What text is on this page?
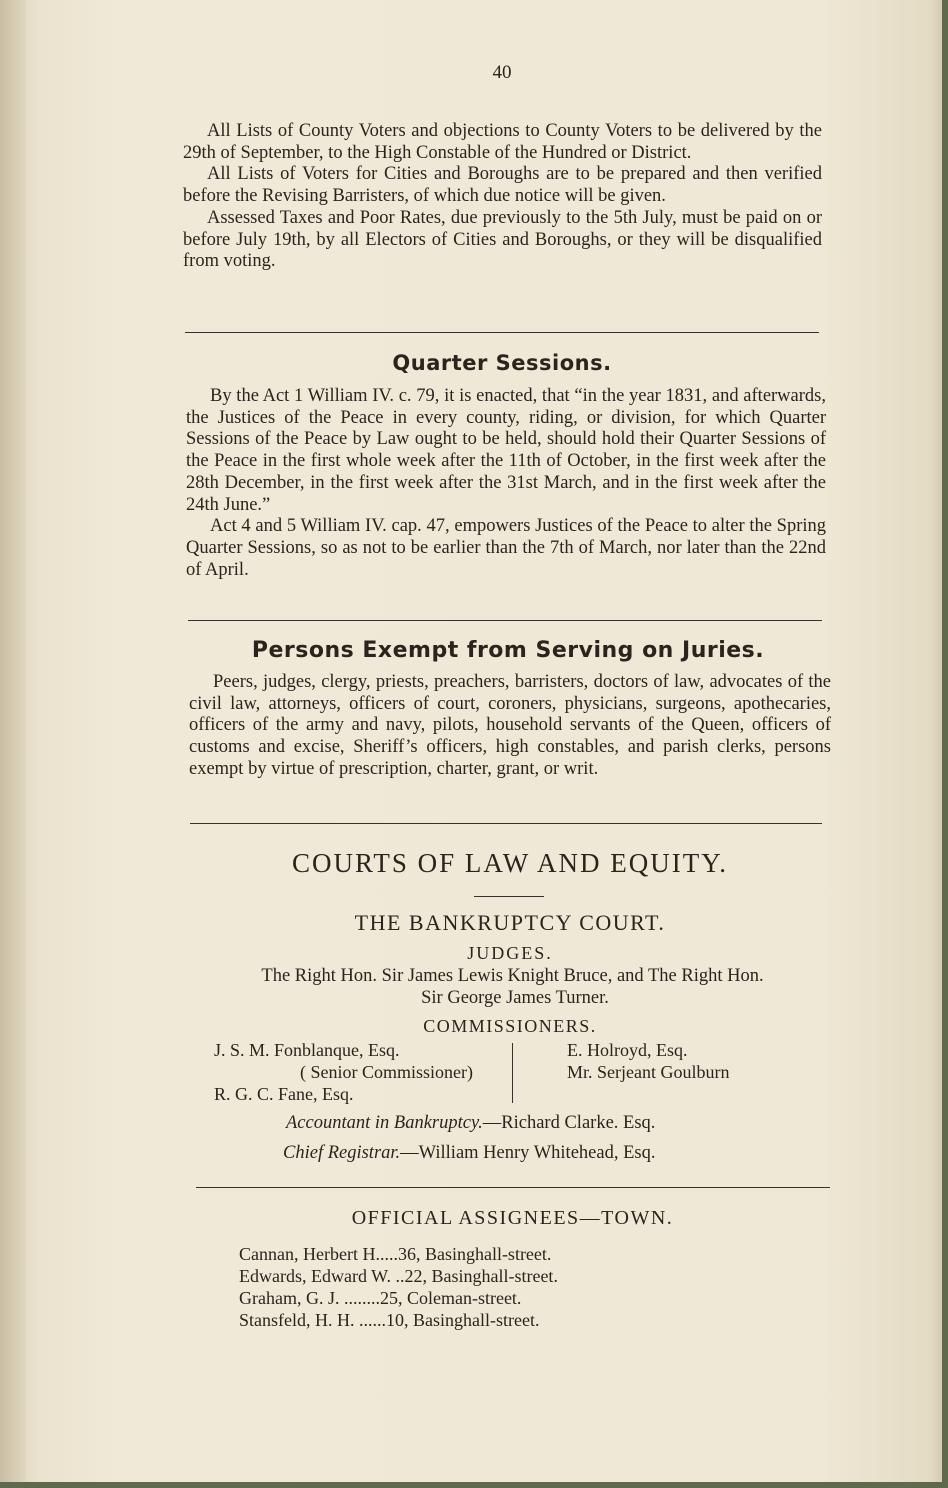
40
All Lists of County Voters and objections to County Voters to be delivered by the 29th of September, to the High Constable of the Hundred or District.
All Lists of Voters for Cities and Boroughs are to be prepared and then verified before the Revising Barristers, of which due notice will be given.
Assessed Taxes and Poor Rates, due previously to the 5th July, must be paid on or before July 19th, by all Electors of Cities and Boroughs, or they will be disqualified from voting.
Quarter Sessions.
By the Act 1 William IV. c. 79, it is enacted, that “in the year 1831, and afterwards, the Justices of the Peace in every county, riding, or division, for which Quarter Sessions of the Peace by Law ought to be held, should hold their Quarter Sessions of the Peace in the first whole week after the 11th of October, in the first week after the 28th December, in the first week after the 31st March, and in the first week after the 24th June.”
Act 4 and 5 William IV. cap. 47, empowers Justices of the Peace to alter the Spring Quarter Sessions, so as not to be earlier than the 7th of March, nor later than the 22nd of April.
Persons Exempt from Serving on Juries.
Peers, judges, clergy, priests, preachers, barristers, doctors of law, advocates of the civil law, attorneys, officers of court, coroners, physicians, surgeons, apothecaries, officers of the army and navy, pilots, household servants of the Queen, officers of customs and excise, Sheriff’s officers, high constables, and parish clerks, persons exempt by virtue of prescription, charter, grant, or writ.
COURTS OF LAW AND EQUITY.
THE BANKRUPTCY COURT.
JUDGES.
The Right Hon. Sir James Lewis Knight Bruce, and The Right Hon.
Sir George James Turner.
COMMISSIONERS.
J. S. M. Fonblanque, Esq.
( Senior Commissioner)
R. G. C. Fane, Esq.
E. Holroyd, Esq.
Mr. Serjeant Goulburn
Accountant in Bankruptcy.—Richard Clarke. Esq.
Chief Registrar.—William Henry Whitehead, Esq.
OFFICIAL ASSIGNEES—TOWN.
Cannan, Herbert H.....36, Basinghall-street.
Edwards, Edward W. ..22, Basinghall-street.
Graham, G. J. ........25, Coleman-street.
Stansfeld, H. H. ......10, Basinghall-street.
